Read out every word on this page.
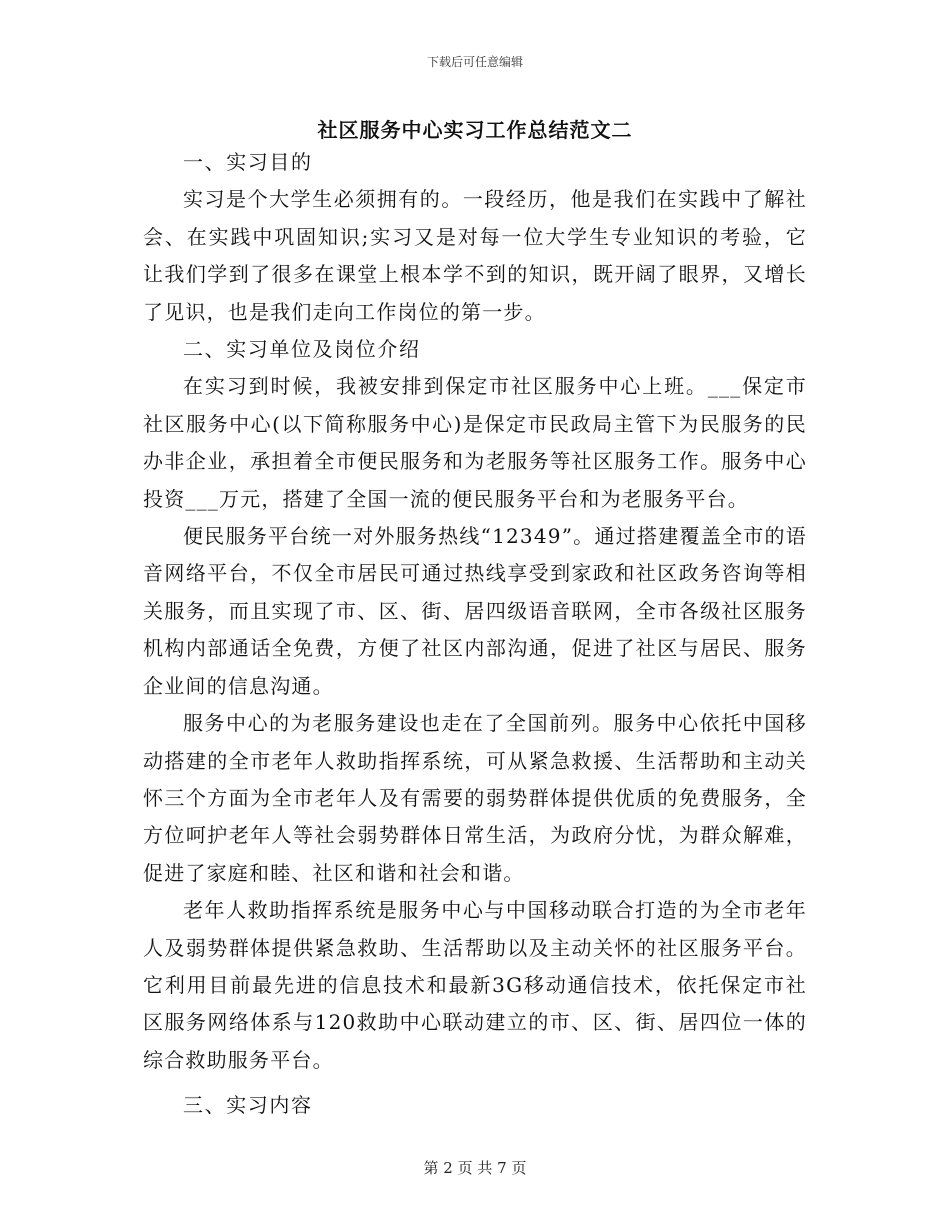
下载后可任意编辑
社区服务中心实习工作总结范文二

一、实习目的

实习是个大学生必须拥有的。一段经历，他是我们在实践中了解社会、在实践中巩固知识;实习又是对每一位大学生专业知识的考验，它让我们学到了很多在课堂上根本学不到的知识，既开阔了眼界，又增长了见识，也是我们走向工作岗位的第一步。

二、实习单位及岗位介绍

在实习到时候，我被安排到保定市社区服务中心上班。___保定市社区服务中心(以下简称服务中心)是保定市民政局主管下为民服务的民办非企业，承担着全市便民服务和为老服务等社区服务工作。服务中心投资___万元，搭建了全国一流的便民服务平台和为老服务平台。

便民服务平台统一对外服务热线“12349”。通过搭建覆盖全市的语音网络平台，不仅全市居民可通过热线享受到家政和社区政务咨询等相关服务，而且实现了市、区、街、居四级语音联网，全市各级社区服务机构内部通话全免费，方便了社区内部沟通，促进了社区与居民、服务企业间的信息沟通。

服务中心的为老服务建设也走在了全国前列。服务中心依托中国移动搭建的全市老年人救助指挥系统，可从紧急救援、生活帮助和主动关怀三个方面为全市老年人及有需要的弱势群体提供优质的免费服务，全方位呵护老年人等社会弱势群体日常生活，为政府分忧，为群众解难，促进了家庭和睦、社区和谐和社会和谐。

老年人救助指挥系统是服务中心与中国移动联合打造的为全市老年人及弱势群体提供紧急救助、生活帮助以及主动关怀的社区服务平台。它利用目前最先进的信息技术和最新3G移动通信技术，依托保定市社区服务网络体系与120救助中心联动建立的市、区、街、居四位一体的综合救助服务平台。

三、实习内容

第 2 页 共 7 页
